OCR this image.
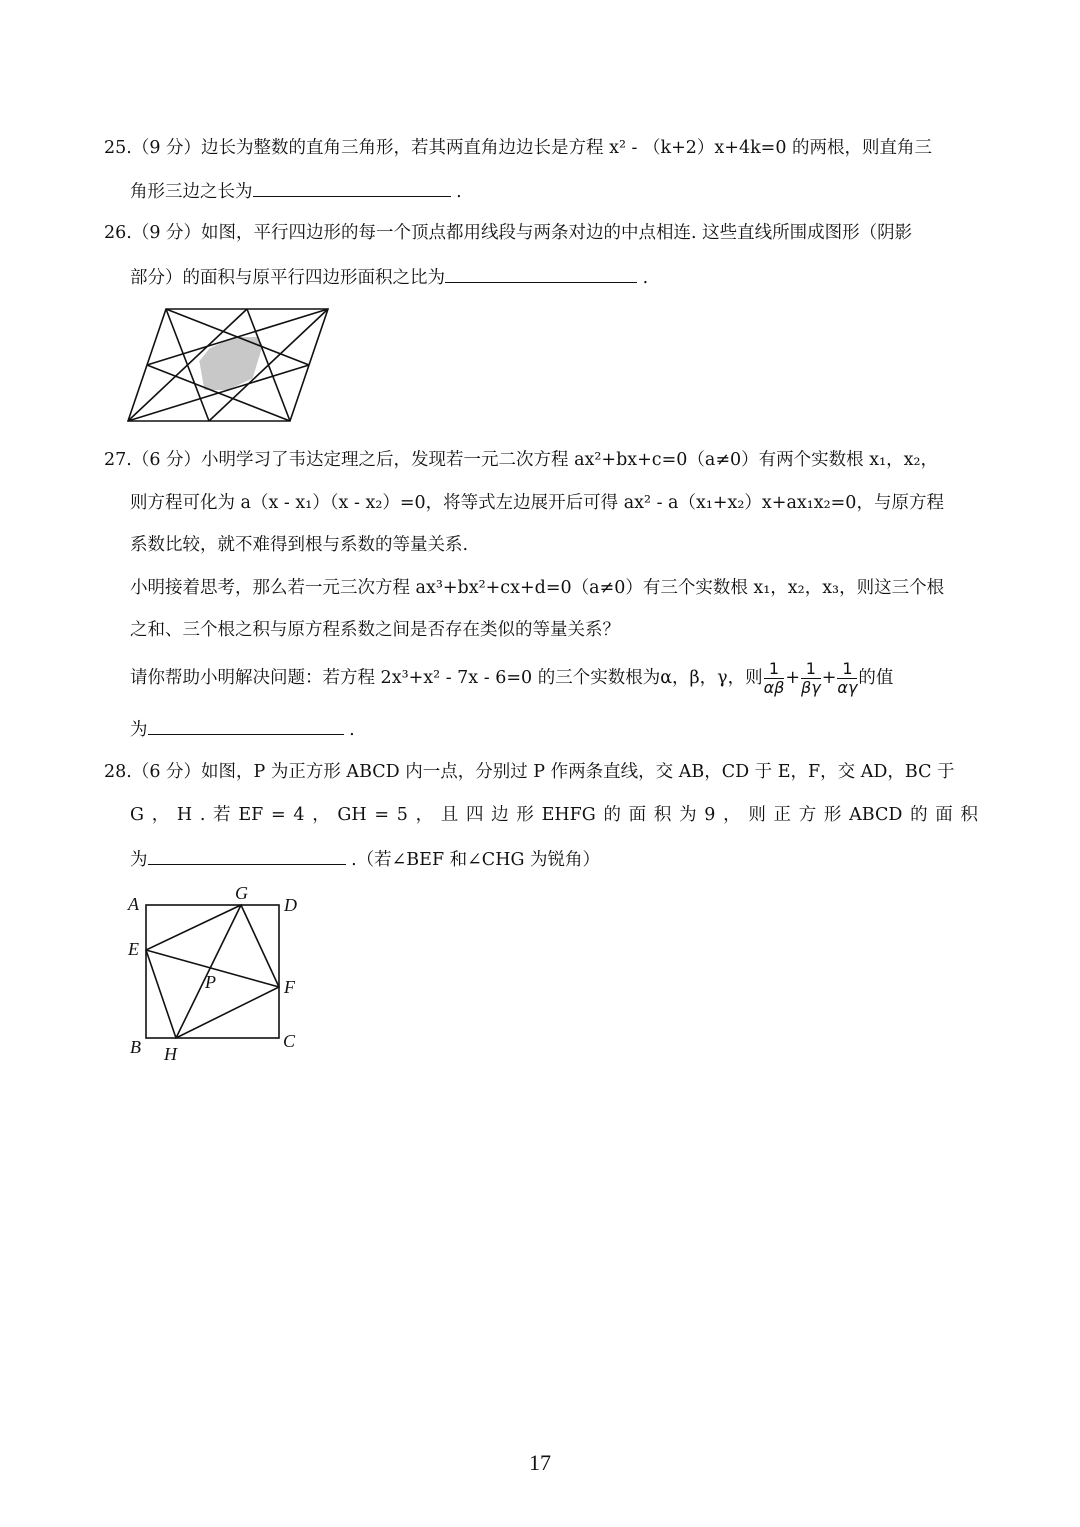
25.（9 分）边长为整数的直角三角形，若其两直角边边长是方程 x² - （k+2）x+4k=0 的两根，则直角三
角形三边之长为	.
26.（9 分）如图，平行四边形的每一个顶点都用线段与两条对边的中点相连. 这些直线所围成图形（阴影
部分）的面积与原平行四边形面积之比为	.
27.（6 分）小明学习了韦达定理之后，发现若一元二次方程 ax²+bx+c=0（a≠0）有两个实数根 x₁，x₂，
则方程可化为 a（x - x₁）（x - x₂）=0，将等式左边展开后可得 ax² - a（x₁+x₂）x+ax₁x₂=0，与原方程
系数比较，就不难得到根与系数的等量关系.
小明接着思考，那么若一元三次方程 ax³+bx²+cx+d=0（a≠0）有三个实数根 x₁，x₂，x₃，则这三个根
之和、三个根之积与原方程系数之间是否存在类似的等量关系？
请你帮助小明解决问题：若方程 2x³+x² - 7x - 6=0 的三个实数根为α，β，γ，则 $\frac{1}{\alpha\beta} + \frac{1}{\beta\gamma} + \frac{1}{\alpha\gamma}$ 的值
为	.
28.（6 分）如图，P 为正方形 ABCD 内一点，分别过 P 作两条直线，交 AB，CD 于 E，F，交 AD，BC 于
G ， H . 若 EF = 4 ， GH = 5 ， 且 四 边 形 EHFG 的 面 积 为 9 ， 则 正 方 形 ABCD 的 面 积
为	.（若∠BEF 和∠CHG 为锐角）
A
G
D
E
P	F
B H
C
17
